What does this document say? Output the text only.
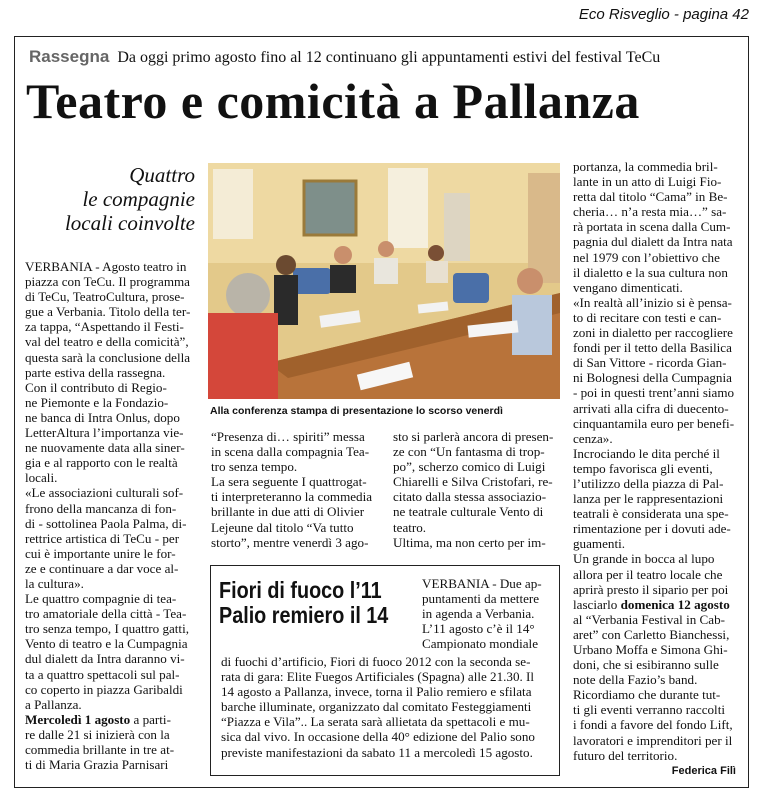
Eco Risveglio - pagina 42
Rassegna Da oggi primo agosto fino al 12 continuano gli appuntamenti estivi del festival TeCu
Teatro e comicità a Pallanza
Quattro
le compagnie
locali coinvolte
Alla conferenza stampa di presentazione lo scorso venerdì
VERBANIA - Agosto teatro in
piazza con TeCu. Il programma
di TeCu, TeatroCultura, prose-
gue a Verbania. Titolo della ter-
za tappa, “Aspettando il Festi-
val del teatro e della comicità”,
questa sarà la conclusione della
parte estiva della rassegna.
Con il contributo di Regio-
ne Piemonte e la Fondazio-
ne banca di Intra Onlus, dopo
LetterAltura l’importanza vie-
ne nuovamente data alla siner-
gia e al rapporto con le realtà
locali.
«Le associazioni culturali sof-
frono della mancanza di fon-
di - sottolinea Paola Palma, di-
rettrice artistica di TeCu - per
cui è importante unire le for-
ze e continuare a dar voce al-
la cultura».
Le quattro compagnie di tea-
tro amatoriale della città - Tea-
tro senza tempo, I quattro gatti,
Vento di teatro e la Cumpagnia
dul dialett da Intra daranno vi-
ta a quattro spettacoli sul pal-
co coperto in piazza Garibaldi
a Pallanza.
Mercoledì 1 agosto a parti-
re dalle 21 si inizierà con la
commedia brillante in tre at-
ti di Maria Grazia Parnisari
“Presenza di… spiriti” messa
in scena dalla compagnia Tea-
tro senza tempo.
La sera seguente I quattrogat-
ti interpreteranno la commedia
brillante in due atti di Olivier
Lejeune dal titolo “Va tutto
storto”, mentre venerdì 3 ago-
sto si parlerà ancora di presen-
ze con “Un fantasma di trop-
po”, scherzo comico di Luigi
Chiarelli e Silva Cristofari, re-
citato dalla stessa associazio-
ne teatrale culturale Vento di
teatro.
Ultima, ma non certo per im-
portanza, la commedia bril-
lante in un atto di Luigi Fio-
retta dal titolo “Cama” in Be-
cheria… n’a resta mia…” sa-
rà portata in scena dalla Cum-
pagnia dul dialett da Intra nata
nel 1979 con l’obiettivo che
il dialetto e la sua cultura non
vengano dimenticati.
«In realtà all’inizio si è pensa-
to di recitare con testi e can-
zoni in dialetto per raccogliere
fondi per il tetto della Basilica
di San Vittore - ricorda Gian-
ni Bolognesi della Cumpagnia
- poi in questi trent’anni siamo
arrivati alla cifra di duecento-
cinquantamila euro per benefi-
cenza».
Incrociando le dita perché il
tempo favorisca gli eventi,
l’utilizzo della piazza di Pal-
lanza per le rappresentazioni
teatrali è considerata una spe-
rimentazione per i dovuti ade-
guamenti.
Un grande in bocca al lupo
allora per il teatro locale che
aprirà presto il sipario per poi
lasciarlo domenica 12 agosto
al “Verbania Festival in Cab-
aret” con Carletto Bianchessi,
Urbano Moffa e Simona Ghi-
doni, che si esibiranno sulle
note della Fazio’s band.
Ricordiamo che durante tut-
ti gli eventi verranno raccolti
i fondi a favore del fondo Lift,
lavoratori e imprenditori per il
futuro del territorio.
Fiori di fuoco l’11
Palio remiero il 14
VERBANIA - Due ap-
puntamenti da mettere
in agenda a Verbania.
L’11 agosto c’è il 14°
Campionato mondiale
di fuochi d’artificio, Fiori di fuoco 2012 con la seconda se-
rata di gara: Elite Fuegos Artificiales (Spagna) alle 21.30. Il
14 agosto a Pallanza, invece, torna il Palio remiero e sfilata
barche illuminate, organizzato dal comitato Festeggiamenti
“Piazza e Vila”.. La serata sarà allietata da spettacoli e mu-
sica dal vivo. In occasione della 40° edizione del Palio sono
previste manifestazioni da sabato 11 a mercoledì 15 agosto.
Federica Filì
